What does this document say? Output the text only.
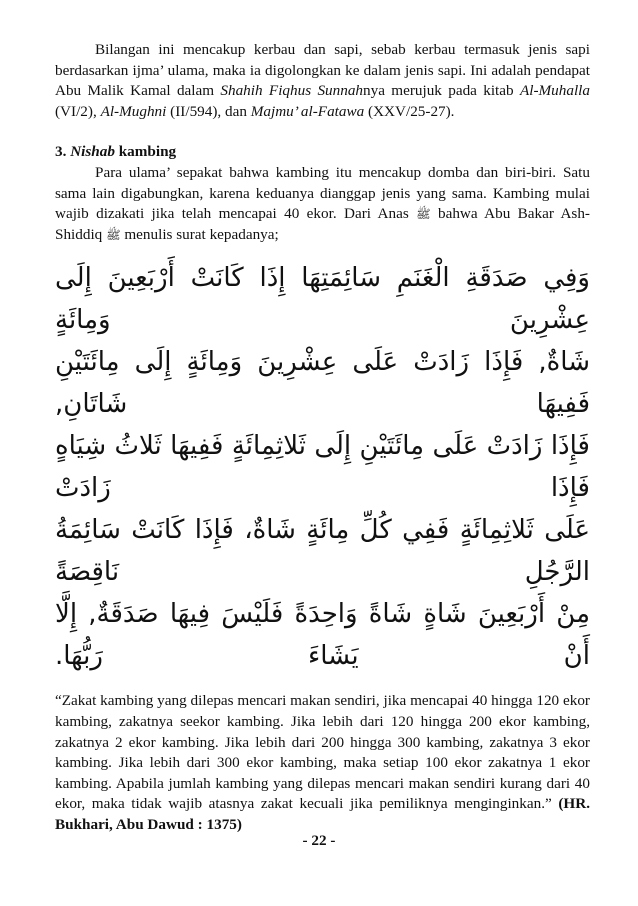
Bilangan ini mencakup kerbau dan sapi, sebab kerbau termasuk jenis sapi berdasarkan ijma’ ulama, maka ia digolongkan ke dalam jenis sapi. Ini adalah pendapat Abu Malik Kamal dalam Shahih Fiqhus Sunnahnya merujuk pada kitab Al-Muhalla (VI/2), Al-Mughni (II/594), dan Majmu’ al-Fatawa (XXV/25-27).

3. Nishab kambing

Para ulama’ sepakat bahwa kambing itu mencakup domba dan biri-biri. Satu sama lain digabungkan, karena keduanya dianggap jenis yang sama. Kambing mulai wajib dizakati jika telah mencapai 40 ekor. Dari Anas ﷺ bahwa Abu Bakar Ash-Shiddiq ﷺ menulis surat kepadanya;

وَفِي صَدَقَةِ الْغَنَمِ سَائِمَتِهَا إِذَا كَانَتْ أَرْبَعِينَ إِلَى عِشْرِينَ وَمِائَةٍ
شَاةٌ, فَإِذَا زَادَتْ عَلَى عِشْرِينَ وَمِائَةٍ إِلَى مِائَتَيْنِ فَفِيهَا شَاتَانِ,
فَإِذَا زَادَتْ عَلَى مِائَتَيْنِ إِلَى ثَلاثِمِائَةٍ فَفِيهَا ثَلاثُ شِيَاهٍ فَإِذَا زَادَتْ
عَلَى ثَلاثِمِائَةٍ فَفِي كُلِّ مِائَةٍ شَاةٌ، فَإِذَا كَانَتْ سَائِمَةُ الرَّجُلِ نَاقِصَةً
مِنْ أَرْبَعِينَ شَاةٍ شَاةً وَاحِدَةً فَلَيْسَ فِيهَا صَدَقَةٌ, إِلَّا أَنْ يَشَاءَ رَبُّهَا.

“Zakat kambing yang dilepas mencari makan sendiri, jika mencapai 40 hingga 120 ekor kambing, zakatnya seekor kambing. Jika lebih dari 120 hingga 200 ekor kambing, zakatnya 2 ekor kambing. Jika lebih dari 200 hingga 300 kambing, zakatnya 3 ekor kambing. Jika lebih dari 300 ekor kambing, maka setiap 100 ekor zakatnya 1 ekor kambing. Apabila jumlah kambing yang dilepas mencari makan sendiri kurang dari 40 ekor, maka tidak wajib atasnya zakat kecuali jika pemiliknya menginginkan.” (HR. Bukhari, Abu Dawud : 1375)

- 22 -
